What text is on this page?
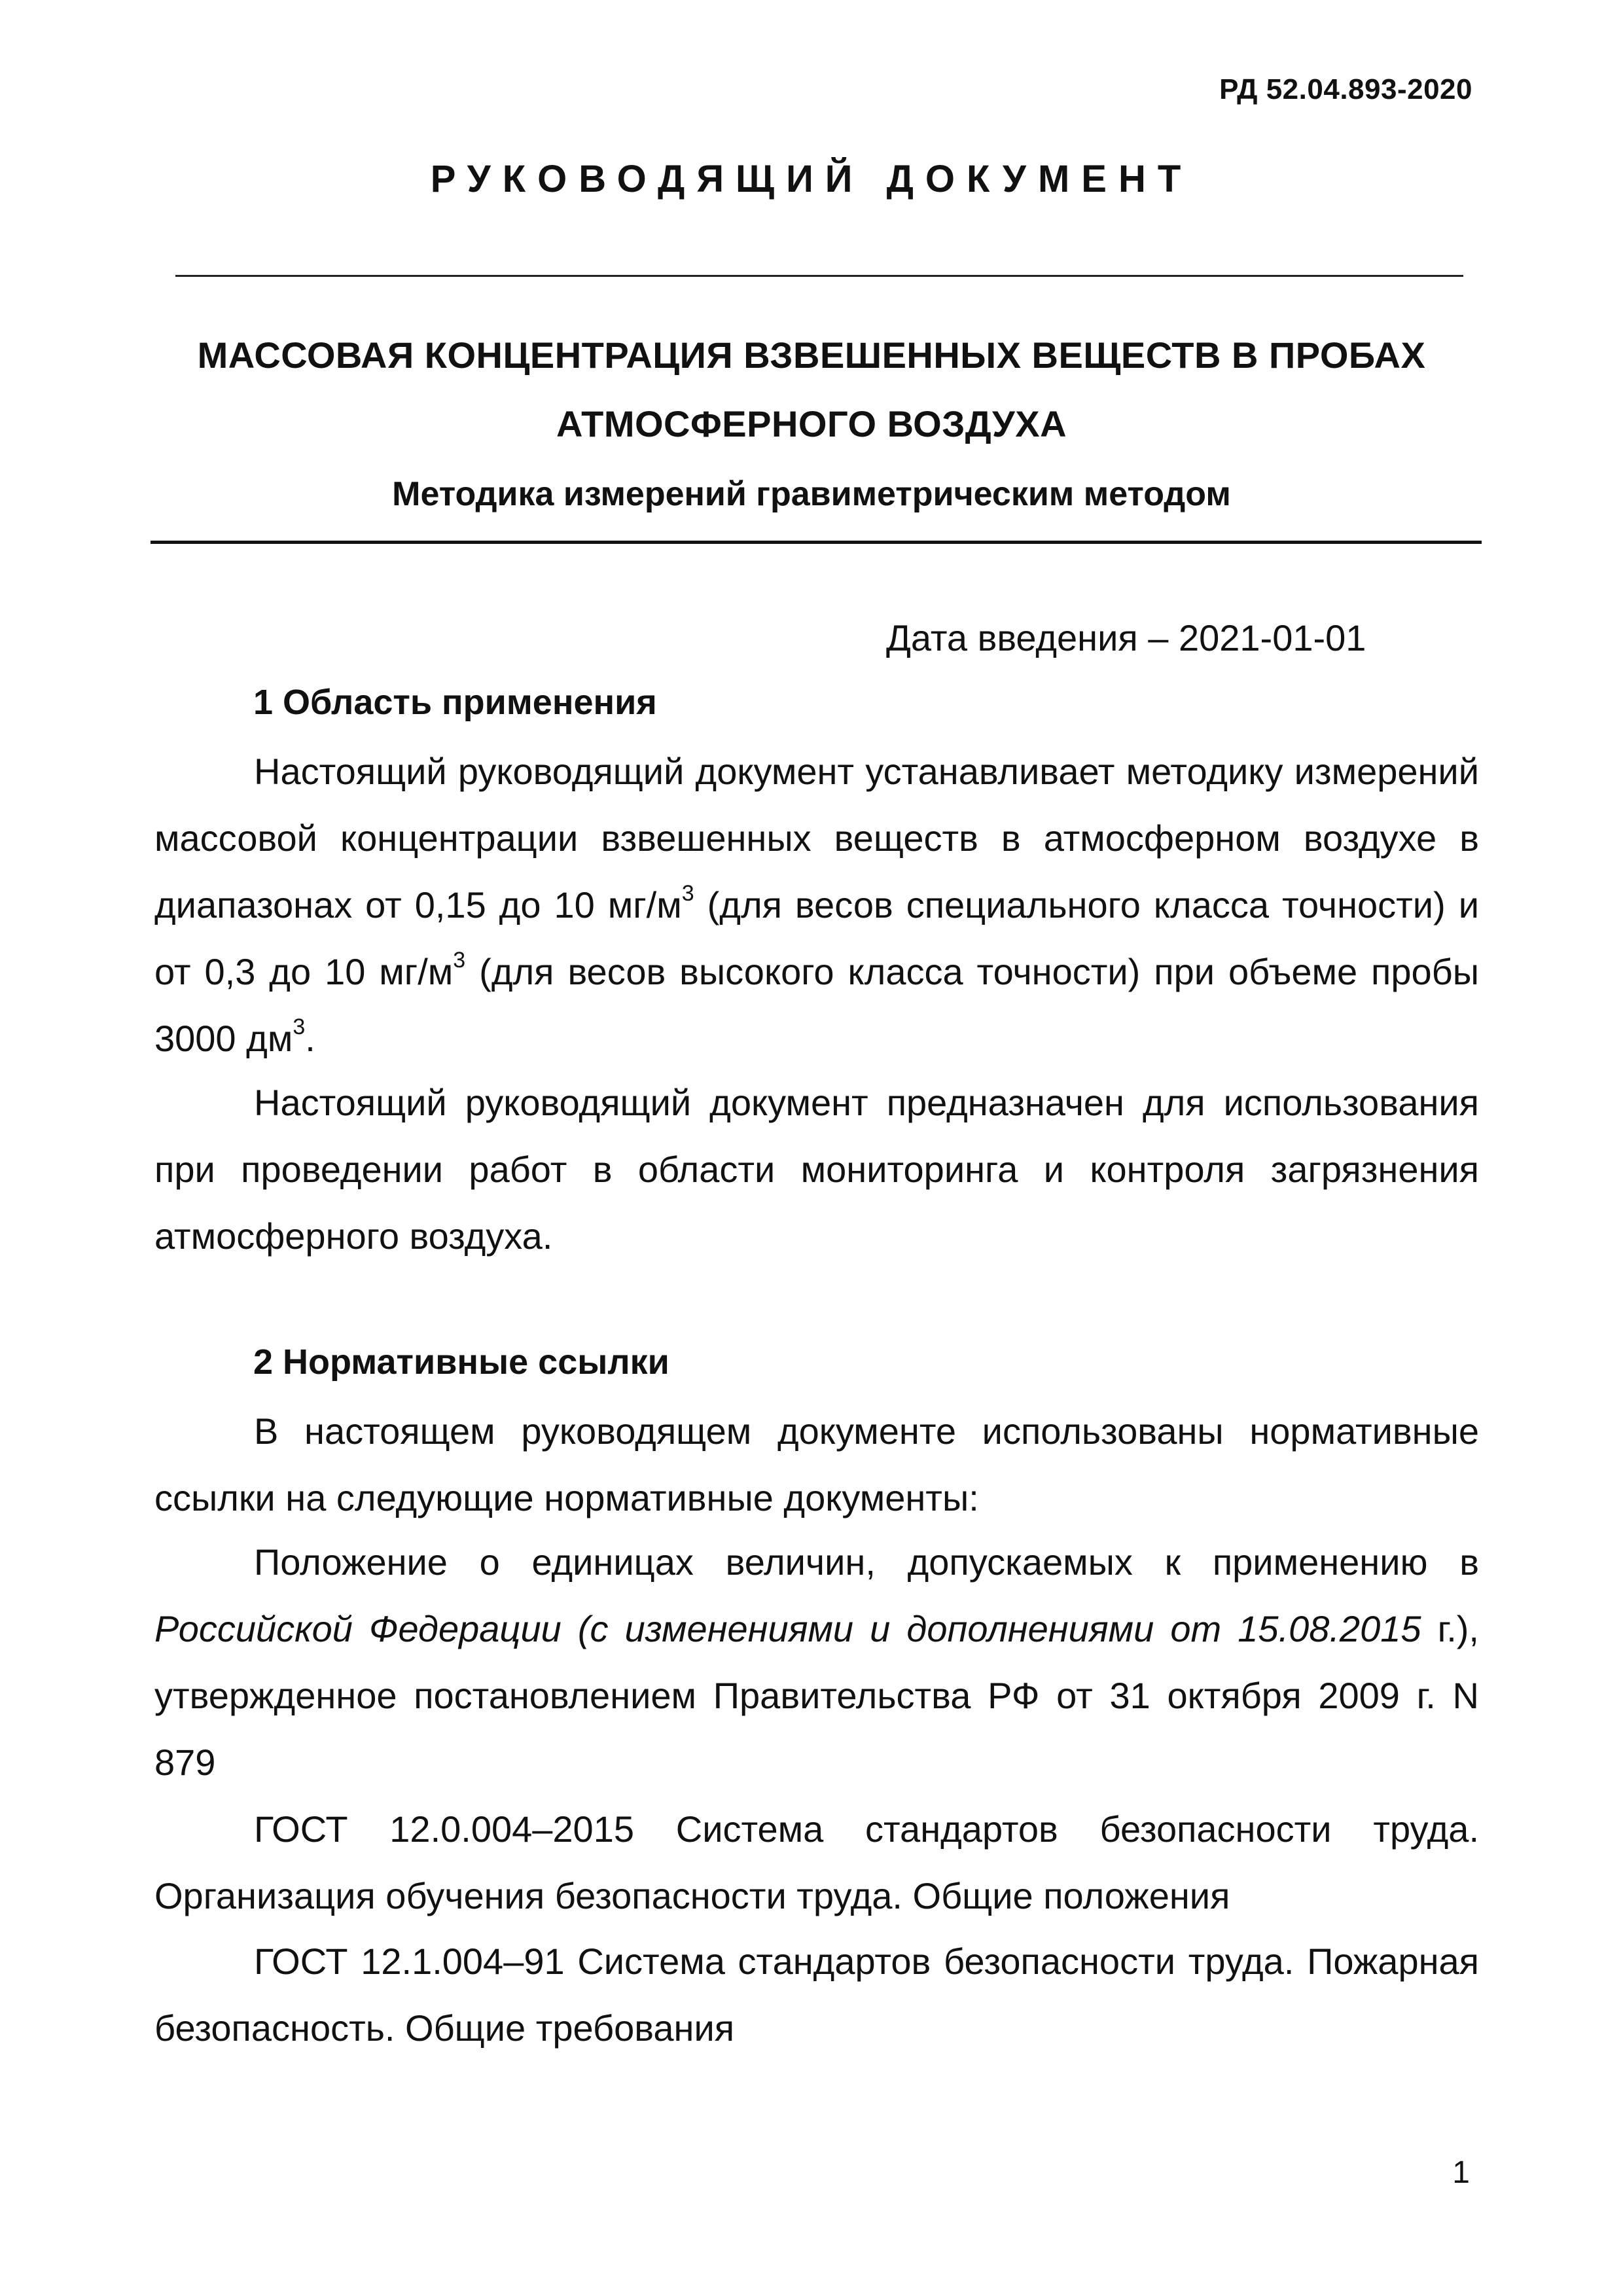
РД 52.04.893-2020
РУКОВОДЯЩИЙ ДОКУМЕНТ
МАССОВАЯ КОНЦЕНТРАЦИЯ ВЗВЕШЕННЫХ ВЕЩЕСТВ В ПРОБАХ
АТМОСФЕРНОГО ВОЗДУХА
Методика измерений гравиметрическим методом
Дата введения – 2021-01-01
1 Область применения

Настоящий руководящий документ устанавливает методику измерений массовой концентрации взвешенных веществ в атмосферном воздухе в диапазонах от 0,15 до 10 $мг/м^3$ (для весов специального класса точности) и от 0,3 до 10 $мг/м^3$ (для весов высокого класса точности) при объеме пробы 3000 $дм^3$.

Настоящий руководящий документ предназначен для использования при проведении работ в области мониторинга и контроля загрязнения атмосферного воздуха.

2 Нормативные ссылки

В настоящем руководящем документе использованы нормативные ссылки на следующие нормативные документы:

Положение о единицах величин, допускаемых к применению в Российской Федерации (с изменениями и дополнениями от 15.08.2015 г.), утвержденное постановлением Правительства РФ от 31 октября 2009 г. N 879

ГОСТ 12.0.004–2015 Система стандартов безопасности труда. Организация обучения безопасности труда. Общие положения

ГОСТ 12.1.004–91 Система стандартов безопасности труда. Пожарная безопасность. Общие требования

1
